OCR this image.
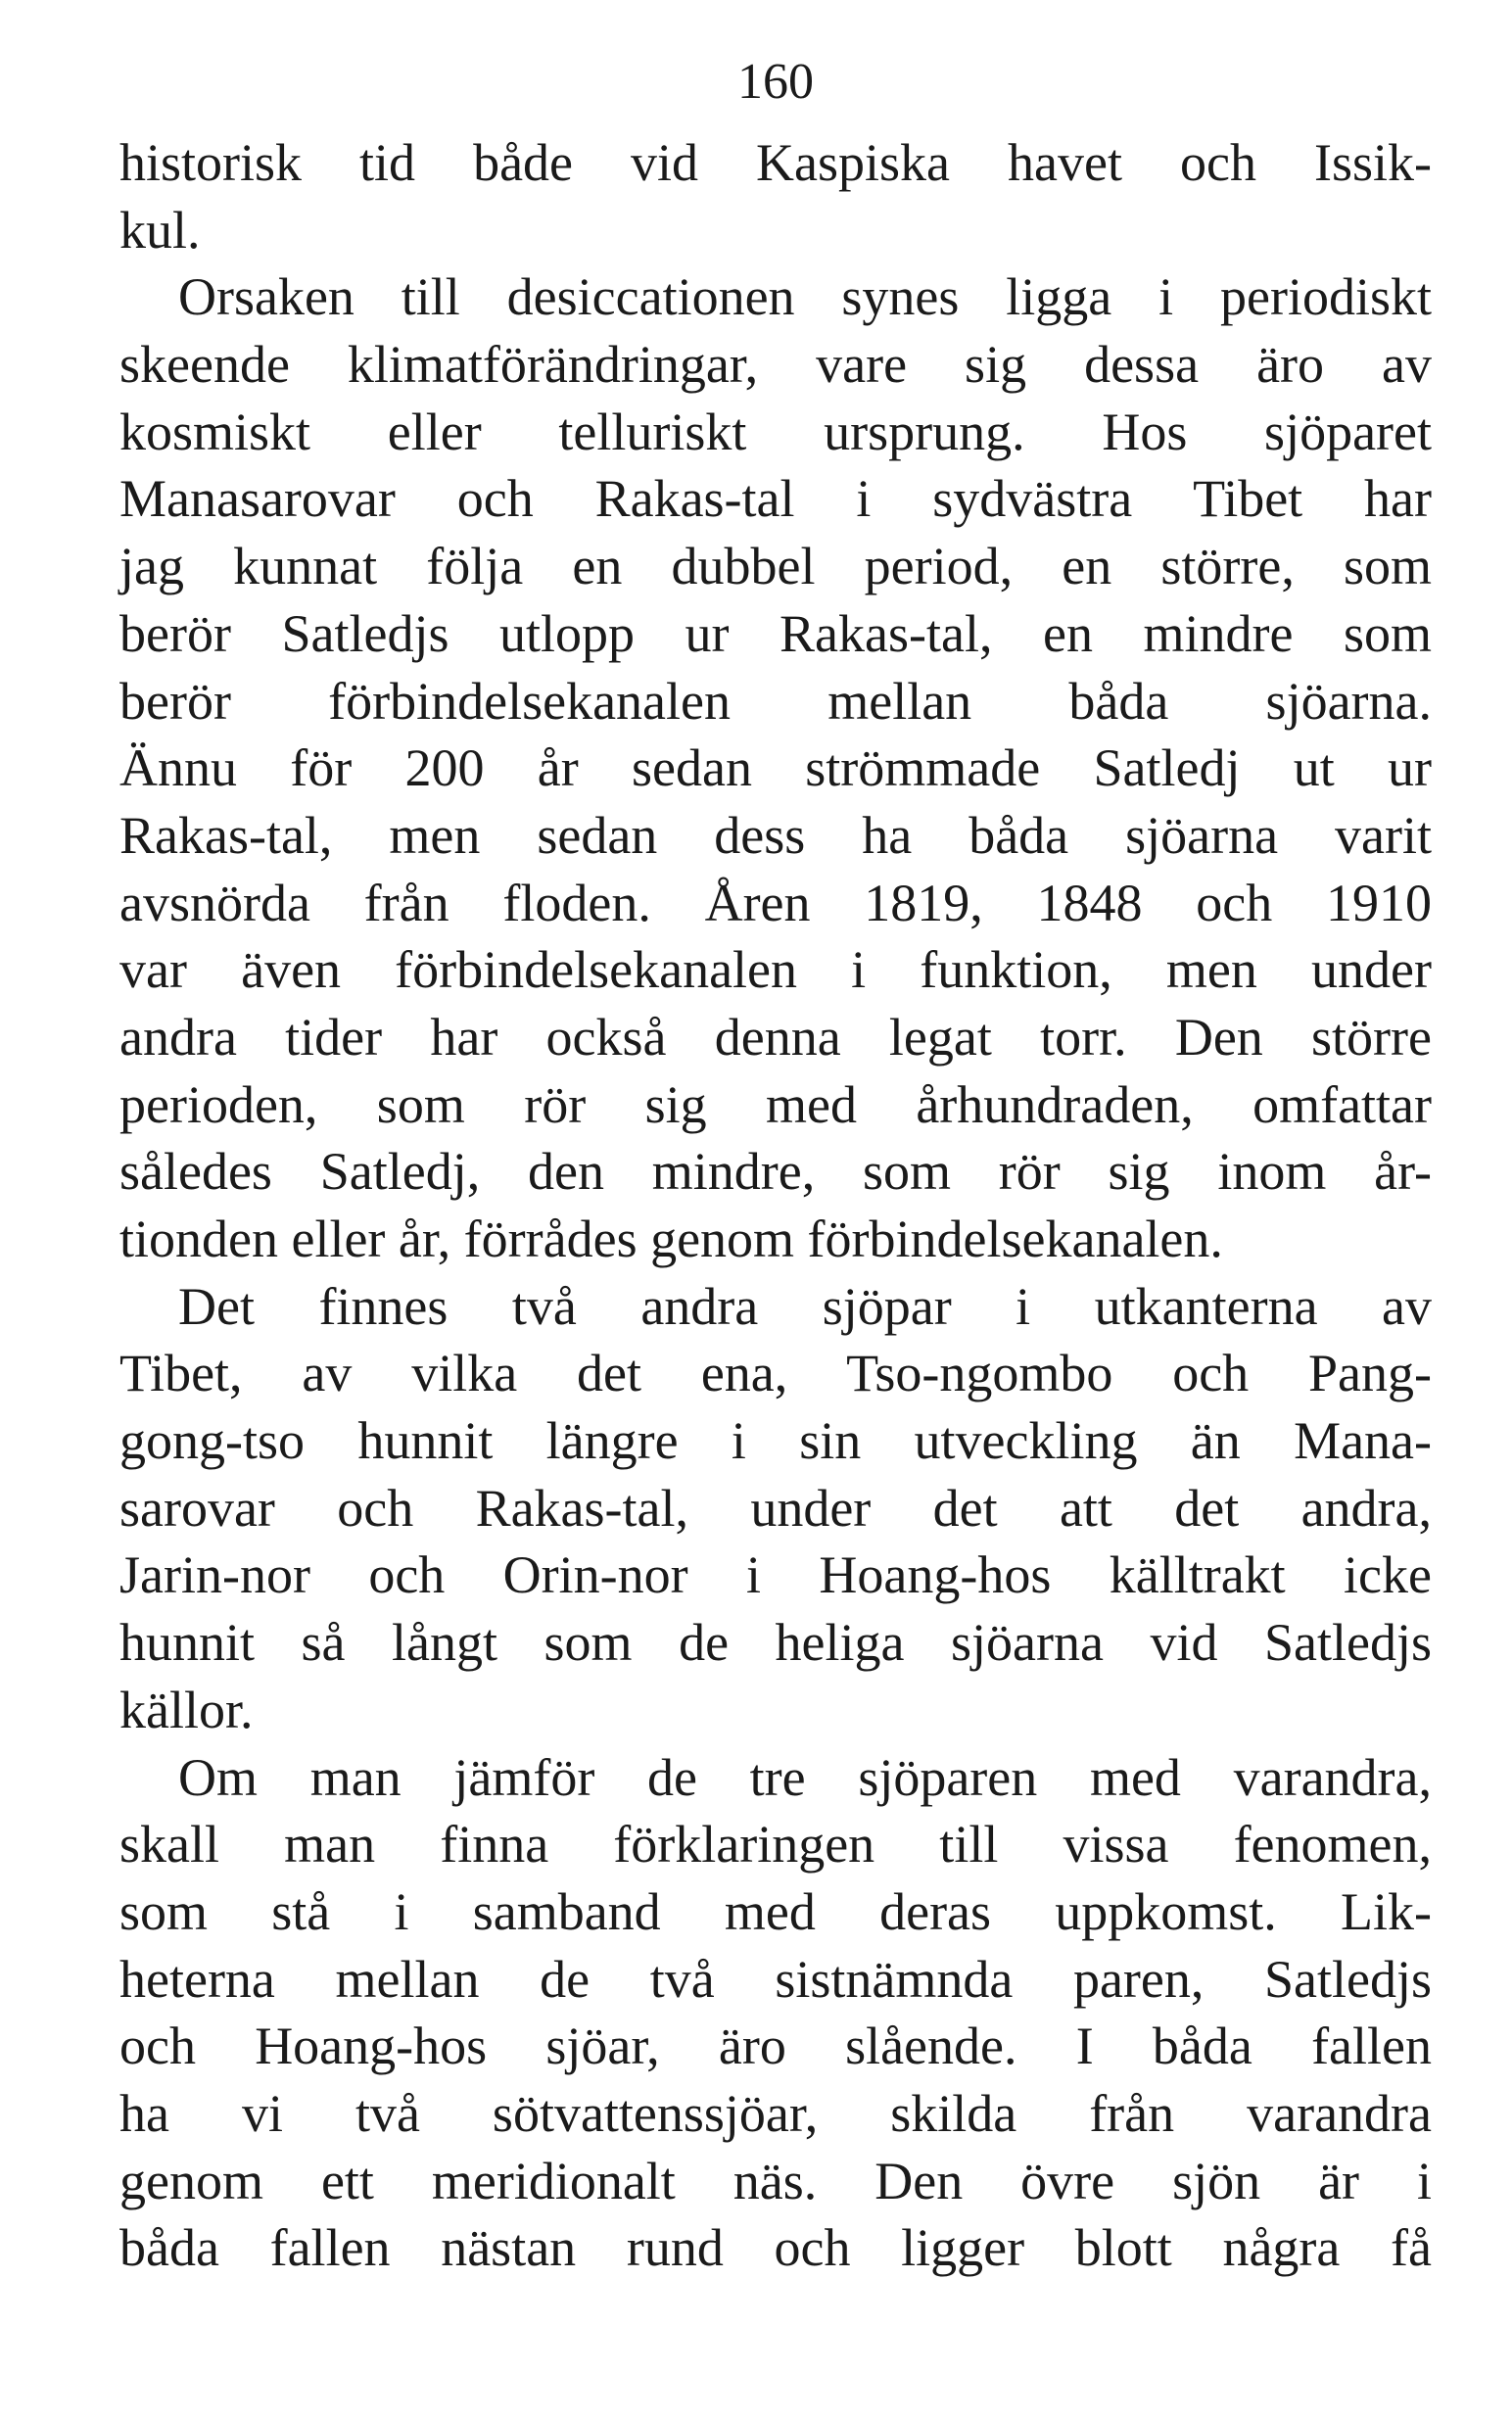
160
historisk tid både vid Kaspiska havet och Issik-
kul.
Orsaken till desiccationen synes ligga i periodiskt
skeende klimatförändringar, vare sig dessa äro av
kosmiskt eller telluriskt ursprung. Hos sjöparet
Manasarovar och Rakas-tal i sydvästra Tibet har
jag kunnat följa en dubbel period, en större, som
berör Satledjs utlopp ur Rakas-tal, en mindre som
berör förbindelsekanalen mellan båda sjöarna.
Ännu för 200 år sedan strömmade Satledj ut ur
Rakas-tal, men sedan dess ha båda sjöarna varit
avsnörda från floden. Åren 1819, 1848 och 1910
var även förbindelsekanalen i funktion, men under
andra tider har också denna legat torr. Den större
perioden, som rör sig med århundraden, omfattar
således Satledj, den mindre, som rör sig inom år-
tionden eller år, förrådes genom förbindelsekanalen.
Det finnes två andra sjöpar i utkanterna av
Tibet, av vilka det ena, Tso-ngombo och Pang-
gong-tso hunnit längre i sin utveckling än Mana-
sarovar och Rakas-tal, under det att det andra,
Jarin-nor och Orin-nor i Hoang-hos källtrakt icke
hunnit så långt som de heliga sjöarna vid Satledjs
källor.
Om man jämför de tre sjöparen med varandra,
skall man finna förklaringen till vissa fenomen,
som stå i samband med deras uppkomst. Lik-
heterna mellan de två sistnämnda paren, Satledjs
och Hoang-hos sjöar, äro slående. I båda fallen
ha vi två sötvattenssjöar, skilda från varandra
genom ett meridionalt näs. Den övre sjön är i
båda fallen nästan rund och ligger blott några få
